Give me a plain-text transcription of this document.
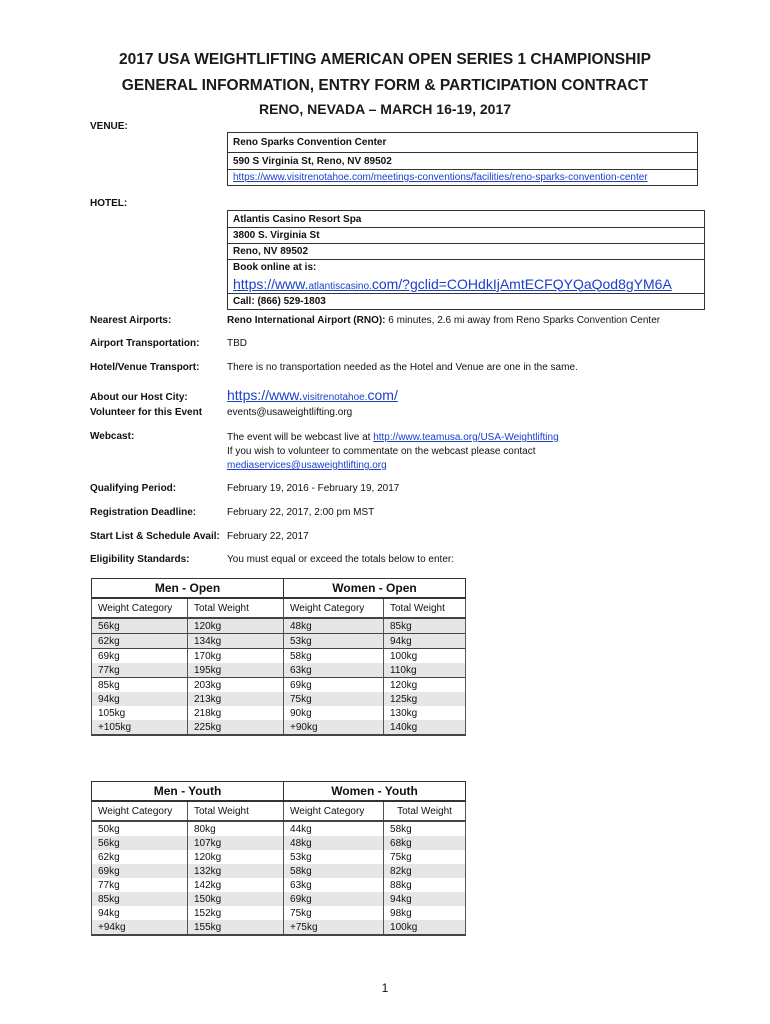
2017 USA WEIGHTLIFTING AMERICAN OPEN SERIES 1 CHAMPIONSHIP
GENERAL INFORMATION, ENTRY FORM & PARTICIPATION CONTRACT
RENO, NEVADA – MARCH 16-19, 2017
VENUE:
Reno Sparks Convention Center
590 S Virginia St, Reno, NV 89502
https://www.visitrenotahoe.com/meetings-conventions/facilities/reno-sparks-convention-center
HOTEL:
Atlantis Casino Resort Spa
3800 S. Virginia St
Reno, NV 89502
Book online at is:
https://www.atlantiscasino.com/?gclid=COHdkIjAmtECFQYQaQod8gYM6A
Call: (866) 529-1803
Nearest Airports:	Reno International Airport (RNO): 6 minutes, 2.6 mi away from Reno Sparks Convention Center
Airport Transportation:	TBD
Hotel/Venue Transport:	There is no transportation needed as the Hotel and Venue are one in the same.
About our Host City:	https://www.visitrenotahoe.com/
Volunteer for this Event events@usaweightlifting.org
Webcast:	The event will be webcast live at http://www.teamusa.org/USA-Weightlifting
If you wish to volunteer to commentate on the webcast please contact
mediaservices@usaweightlifting.org
Qualifying Period:	February 19, 2016 - February 19, 2017
Registration Deadline:	February 22, 2017, 2:00 pm MST
Start List & Schedule Avail: February 22, 2017
Eligibility Standards:	You must equal or exceed the totals below to enter:
Men - Open		Women - Open	
Weight Category	Total Weight	Weight Category	Total Weight
56kg	120kg	48kg	85kg
62kg	134kg	53kg	94kg
69kg	170kg	58kg	100kg
77kg	195kg	63kg	110kg
85kg	203kg	69kg	120kg
94kg	213kg	75kg	125kg
105kg	218kg	90kg	130kg
+105kg	225kg	+90kg	140kg
Men - Youth		Women - Youth	
Weight Category	Total Weight	Weight Category	Total Weight
50kg	80kg	44kg	58kg
56kg	107kg	48kg	68kg
62kg	120kg	53kg	75kg
69kg	132kg	58kg	82kg
77kg	142kg	63kg	88kg
85kg	150kg	69kg	94kg
94kg	152kg	75kg	98kg
+94kg	155kg	+75kg	100kg
1
